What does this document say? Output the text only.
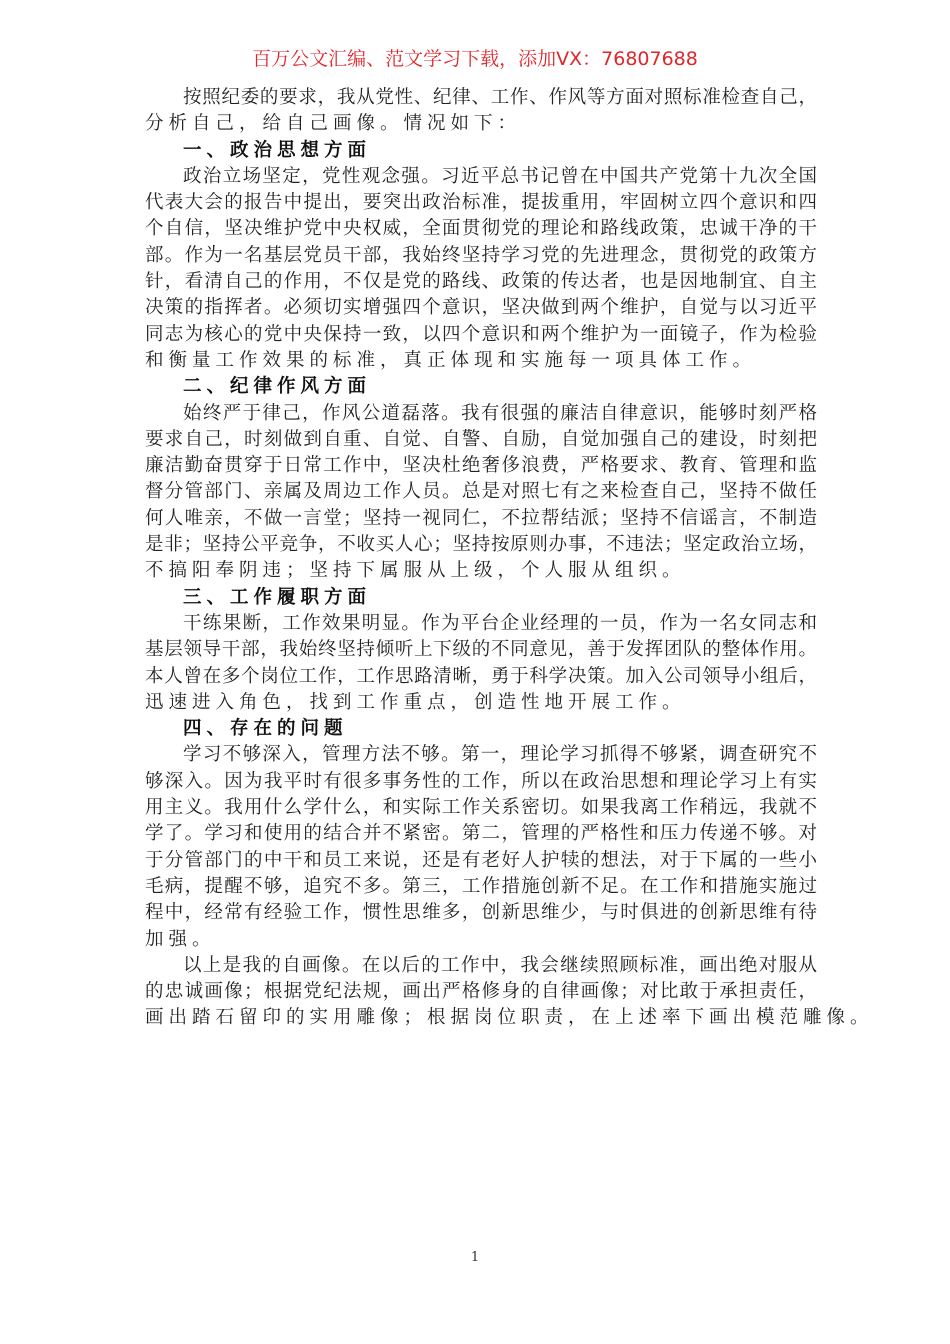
百万公文汇编、范文学习下载，添加VX：76807688
按照纪委的要求，我从党性、纪律、工作、作风等方面对照标准检查自己，
分析自己，给自己画像。情况如下：
一、政治思想方面
政治立场坚定，党性观念强。习近平总书记曾在中国共产党第十九次全国
代表大会的报告中提出，要突出政治标准，提拔重用，牢固树立四个意识和四
个自信，坚决维护党中央权威，全面贯彻党的理论和路线政策，忠诚干净的干
部。作为一名基层党员干部，我始终坚持学习党的先进理念，贯彻党的政策方
针，看清自己的作用，不仅是党的路线、政策的传达者，也是因地制宜、自主
决策的指挥者。必须切实增强四个意识，坚决做到两个维护，自觉与以习近平
同志为核心的党中央保持一致，以四个意识和两个维护为一面镜子，作为检验
和衡量工作效果的标准，真正体现和实施每一项具体工作。
二、纪律作风方面
始终严于律己，作风公道磊落。我有很强的廉洁自律意识，能够时刻严格
要求自己，时刻做到自重、自觉、自警、自励，自觉加强自己的建设，时刻把
廉洁勤奋贯穿于日常工作中，坚决杜绝奢侈浪费，严格要求、教育、管理和监
督分管部门、亲属及周边工作人员。总是对照七有之来检查自己，坚持不做任
何人唯亲，不做一言堂；坚持一视同仁，不拉帮结派；坚持不信谣言，不制造
是非；坚持公平竞争，不收买人心；坚持按原则办事，不违法；坚定政治立场，
不搞阳奉阴违；坚持下属服从上级，个人服从组织。
三、工作履职方面
干练果断，工作效果明显。作为平台企业经理的一员，作为一名女同志和
基层领导干部，我始终坚持倾听上下级的不同意见，善于发挥团队的整体作用。
本人曾在多个岗位工作，工作思路清晰，勇于科学决策。加入公司领导小组后，
迅速进入角色，找到工作重点，创造性地开展工作。
四、存在的问题
学习不够深入，管理方法不够。第一，理论学习抓得不够紧，调查研究不
够深入。因为我平时有很多事务性的工作，所以在政治思想和理论学习上有实
用主义。我用什么学什么，和实际工作关系密切。如果我离工作稍远，我就不
学了。学习和使用的结合并不紧密。第二，管理的严格性和压力传递不够。对
于分管部门的中干和员工来说，还是有老好人护犊的想法，对于下属的一些小
毛病，提醒不够，追究不多。第三，工作措施创新不足。在工作和措施实施过
程中，经常有经验工作，惯性思维多，创新思维少，与时俱进的创新思维有待
加强。
以上是我的自画像。在以后的工作中，我会继续照顾标准，画出绝对服从
的忠诚画像；根据党纪法规，画出严格修身的自律画像；对比敢于承担责任，
画出踏石留印的实用雕像；根据岗位职责，在上述率下画出模范雕像。
1
